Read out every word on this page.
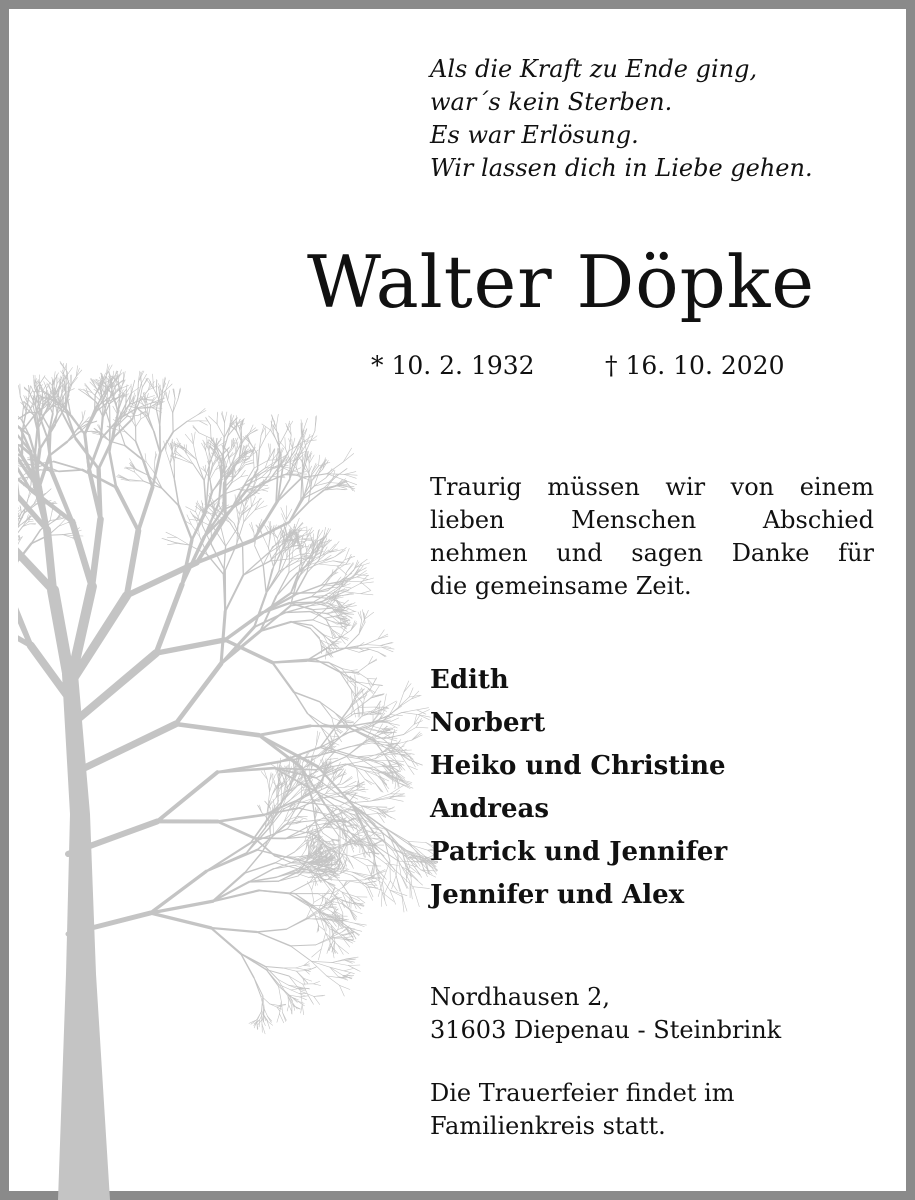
Als die Kraft zu Ende ging,
war´s kein Sterben.
Es war Erlösung.
Wir lassen dich in Liebe gehen.
Walter Döpke
* 10. 2. 1932	† 16. 10. 2020
Traurig müssen wir von einem
lieben Menschen Abschied
nehmen und sagen Danke für
die gemeinsame Zeit.
Edith
Norbert
Heiko und Christine
Andreas
Patrick und Jennifer
Jennifer und Alex
Nordhausen 2,
31603 Diepenau - Steinbrink
Die Trauerfeier findet im
Familienkreis statt.
